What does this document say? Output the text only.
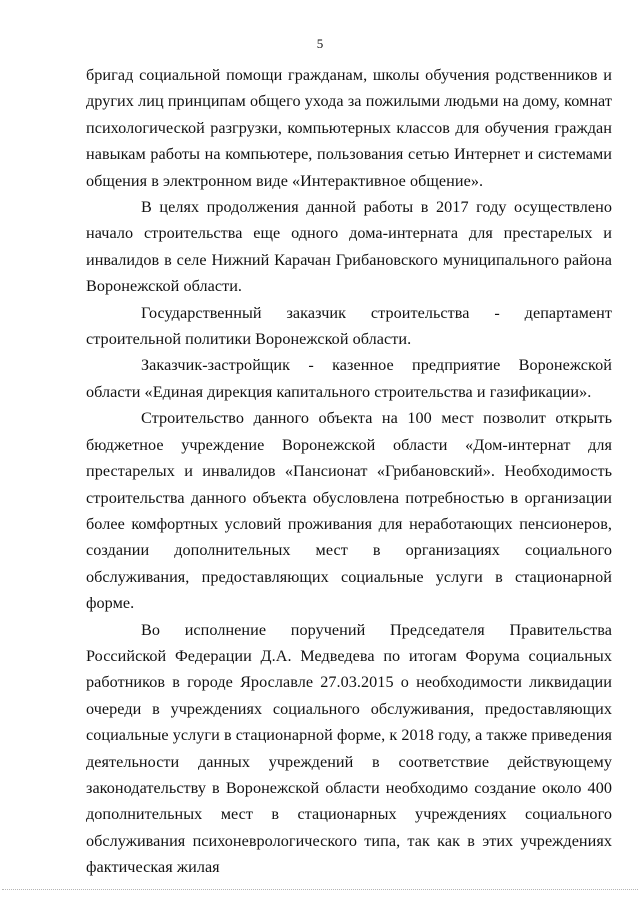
5

бригад социальной помощи гражданам, школы обучения родственников и других лиц принципам общего ухода за пожилыми людьми на дому, комнат психологической разгрузки, компьютерных классов для обучения граждан навыкам работы на компьютере, пользования сетью Интернет и системами общения в электронном виде «Интерактивное общение».

В целях продолжения данной работы в 2017 году осуществлено начало строительства еще одного дома-интерната для престарелых и инвалидов в селе Нижний Карачан Грибановского муниципального района Воронежской области.

Государственный заказчик строительства - департамент строительной политики Воронежской области.

Заказчик-застройщик - казенное предприятие Воронежской области «Единая дирекция капитального строительства и газификации».

Строительство данного объекта на 100 мест позволит открыть бюджетное учреждение Воронежской области «Дом-интернат для престарелых и инвалидов «Пансионат «Грибановский». Необходимость строительства данного объекта обусловлена потребностью в организации более комфортных условий проживания для неработающих пенсионеров, создании дополнительных мест в организациях социального обслуживания, предоставляющих социальные услуги в стационарной форме.

Во исполнение поручений Председателя Правительства Российской Федерации Д.А. Медведева по итогам Форума социальных работников в городе Ярославле 27.03.2015 о необходимости ликвидации очереди в учреждениях социального обслуживания, предоставляющих социальные услуги в стационарной форме, к 2018 году, а также приведения деятельности данных учреждений в соответствие действующему законодательству в Воронежской области необходимо создание около 400 дополнительных мест в стационарных учреждениях социального обслуживания психоневрологического типа, так как в этих учреждениях фактическая жилая
